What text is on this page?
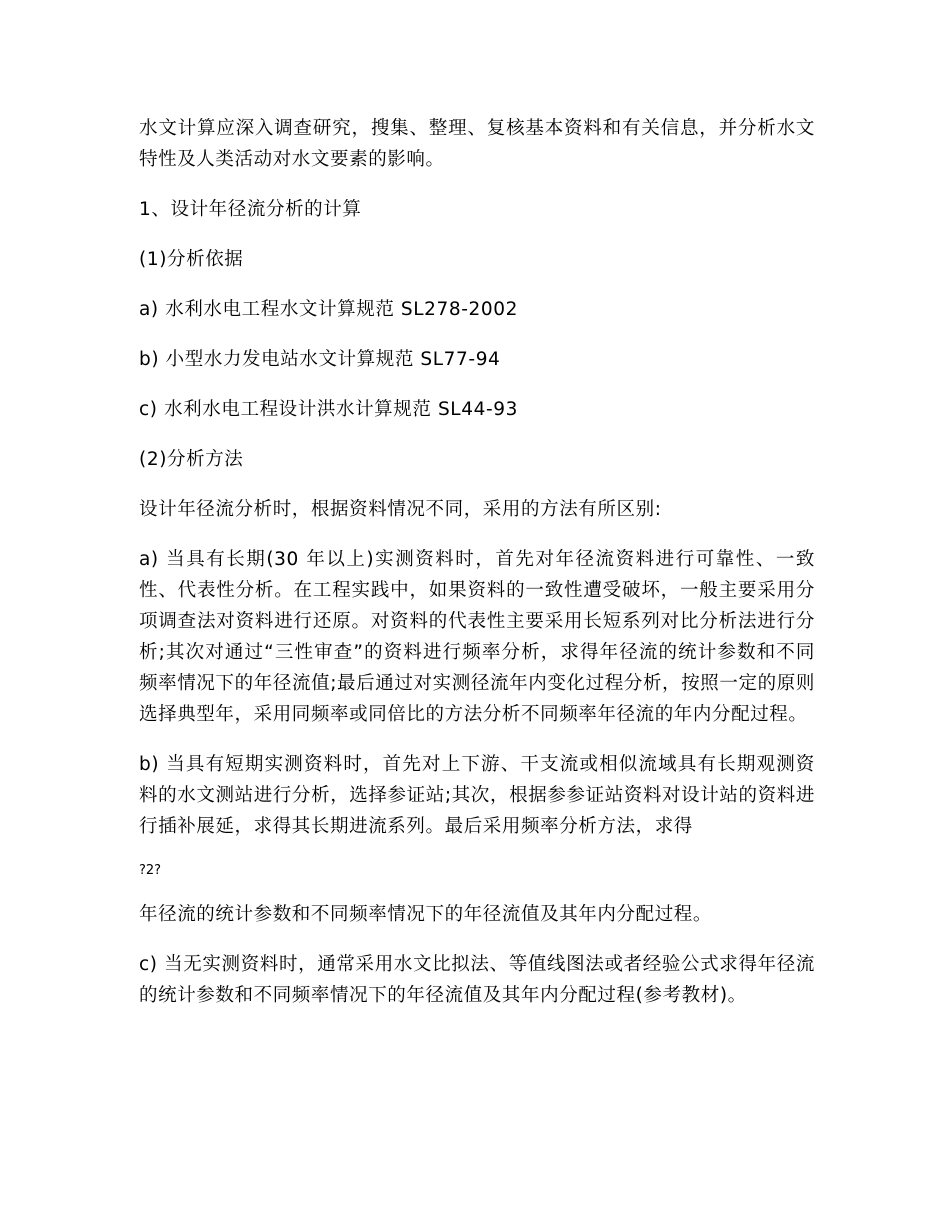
水文计算应深入调查研究，搜集、整理、复核基本资料和有关信息，并分析水文特性及人类活动对水文要素的影响。

1、设计年径流分析的计算

(1)分析依据

a) 水利水电工程水文计算规范 SL278-2002

b) 小型水力发电站水文计算规范 SL77-94

c) 水利水电工程设计洪水计算规范 SL44-93

(2)分析方法

设计年径流分析时，根据资料情况不同，采用的方法有所区别:

a) 当具有长期(30 年以上)实测资料时，首先对年径流资料进行可靠性、一致性、代表性分析。在工程实践中，如果资料的一致性遭受破坏，一般主要采用分项调查法对资料进行还原。对资料的代表性主要采用长短系列对比分析法进行分析;其次对通过“三性审查”的资料进行频率分析，求得年径流的统计参数和不同频率情况下的年径流值;最后通过对实测径流年内变化过程分析，按照一定的原则选择典型年，采用同频率或同倍比的方法分析不同频率年径流的年内分配过程。

b) 当具有短期实测资料时，首先对上下游、干支流或相似流域具有长期观测资料的水文测站进行分析，选择参证站;其次，根据参参证站资料对设计站的资料进行插补展延，求得其长期进流系列。最后采用频率分析方法，求得

?2?

年径流的统计参数和不同频率情况下的年径流值及其年内分配过程。

c) 当无实测资料时，通常采用水文比拟法、等值线图法或者经验公式求得年径流的统计参数和不同频率情况下的年径流值及其年内分配过程(参考教材)。
